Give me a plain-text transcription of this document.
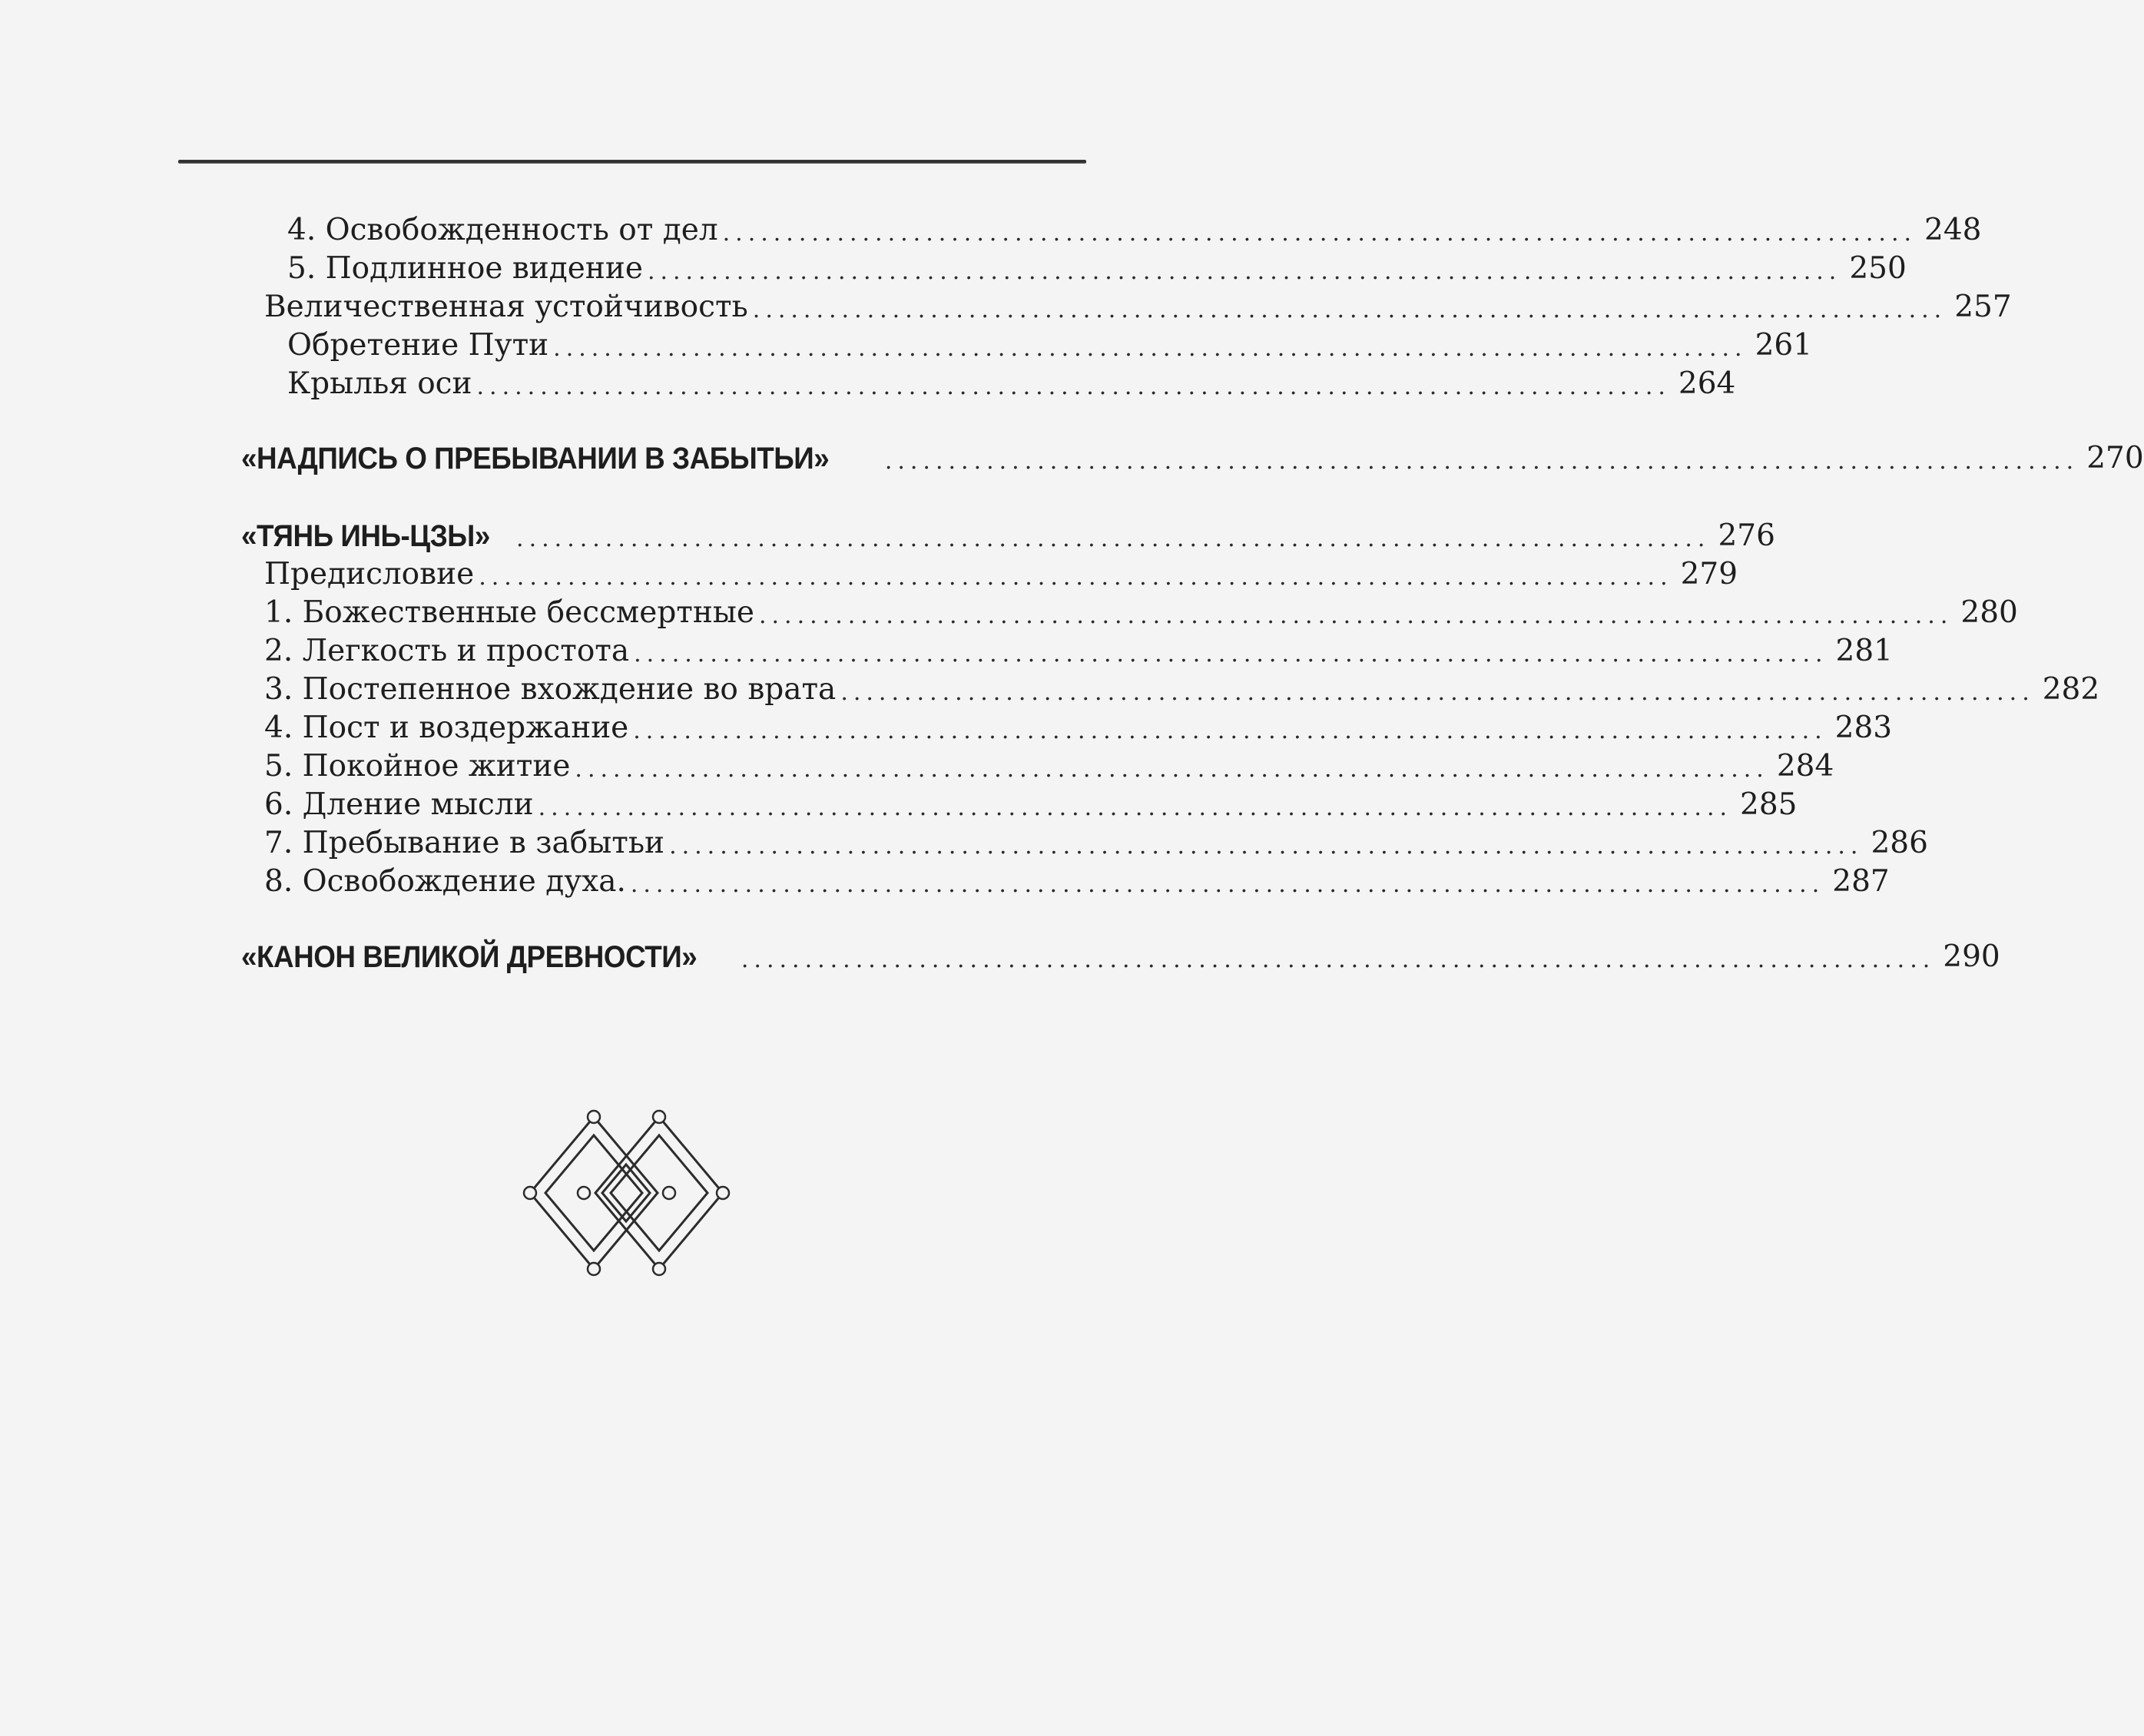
4. Освобожденность от дел .............................................................................................. 248
5. Подлинное видение .............................................................................................. 250
Величественная устойчивость .............................................................................................. 257
Обретение Пути .............................................................................................. 261
Крылья оси .............................................................................................. 264
«НАДПИСЬ О ПРЕБЫВАНИИ В ЗАБЫТЬИ» .............................................................................................. 270
«ТЯНЬ ИНЬ-ЦЗЫ» .............................................................................................. 276
Предисловие .............................................................................................. 279
1. Божественные бессмертные .............................................................................................. 280
2. Легкость и простота .............................................................................................. 281
3. Постепенное вхождение во врата .............................................................................................. 282
4. Пост и воздержание .............................................................................................. 283
5. Покойное житие .............................................................................................. 284
6. Дление мысли .............................................................................................. 285
7. Пребывание в забытьи .............................................................................................. 286
8. Освобождение духа. .............................................................................................. 287
«КАНОН ВЕЛИКОЙ ДРЕВНОСТИ» .............................................................................................. 290
